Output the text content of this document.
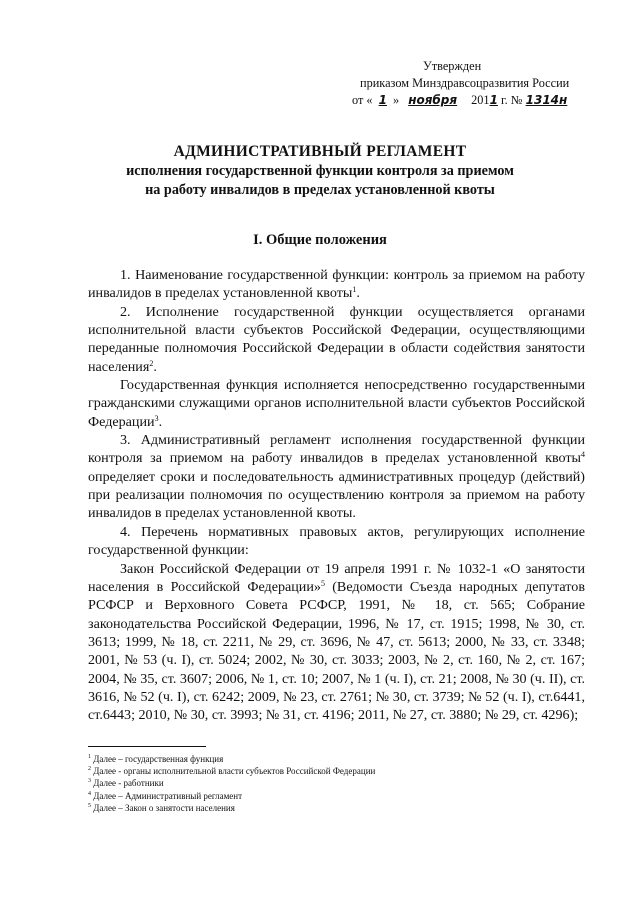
Утвержден
приказом Минздравсоцразвития России
от « 1 » ноября 2011 г. № 1314н
АДМИНИСТРАТИВНЫЙ РЕГЛАМЕНТ
исполнения государственной функции контроля за приемом
на работу инвалидов в пределах установленной квоты
I. Общие положения

1. Наименование государственной функции: контроль за приемом на работу инвалидов в пределах установленной квоты$^1$.

2. Исполнение государственной функции осуществляется органами исполнительной власти субъектов Российской Федерации, осуществляющими переданные полномочия Российской Федерации в области содействия занятости населения$^2$.

Государственная функция исполняется непосредственно государственными гражданскими служащими органов исполнительной власти субъектов Российской Федерации$^3$.

3. Административный регламент исполнения государственной функции контроля за приемом на работу инвалидов в пределах установленной квоты$^4$ определяет сроки и последовательность административных процедур (действий) при реализации полномочия по осуществлению контроля за приемом на работу инвалидов в пределах установленной квоты.

4. Перечень нормативных правовых актов, регулирующих исполнение государственной функции:

Закон Российской Федерации от 19 апреля 1991 г. № 1032-1 «О занятости населения в Российской Федерации»$^5$ (Ведомости Съезда народных депутатов РСФСР и Верховного Совета РСФСР, 1991, № 18, ст. 565; Собрание законодательства Российской Федерации, 1996, № 17, ст. 1915; 1998, № 30, ст. 3613; 1999, № 18, ст. 2211, № 29, ст. 3696, № 47, ст. 5613; 2000, № 33, ст. 3348; 2001, № 53 (ч. I), ст. 5024; 2002, № 30, ст. 3033; 2003, № 2, ст. 160, № 2, ст. 167; 2004, № 35, ст. 3607; 2006, № 1, ст. 10; 2007, № 1 (ч. I), ст. 21; 2008, № 30 (ч. II), ст. 3616, № 52 (ч. I), ст. 6242; 2009, № 23, ст. 2761; № 30, ст. 3739; № 52 (ч. I), ст.6441, ст.6443; 2010, № 30, ст. 3993; № 31, ст. 4196; 2011, № 27, ст. 3880; № 29, ст. 4296);

$^1$ Далее – государственная функция
$^2$ Далее - органы исполнительной власти субъектов Российской Федерации
$^3$ Далее - работники
$^4$ Далее – Административный регламент
$^5$ Далее – Закон о занятости населения
